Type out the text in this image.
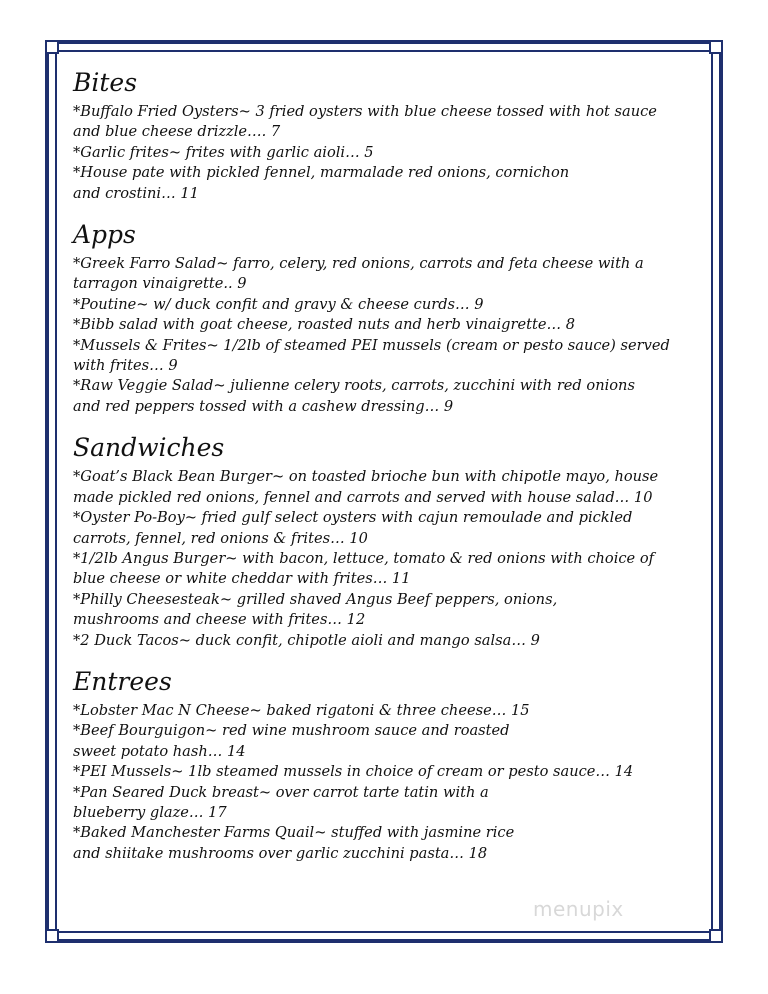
Bites
*Buffalo Fried Oysters~ 3 fried oysters with blue cheese tossed with hot sauce
and blue cheese drizzle…. 7
*Garlic frites~ frites with garlic aioli… 5
*House pate with pickled fennel, marmalade red onions, cornichon
and crostini… 11
Apps
*Greek Farro Salad~ farro, celery, red onions, carrots and feta cheese with a
tarragon vinaigrette.. 9
*Poutine~ w/ duck confit and gravy & cheese curds… 9
*Bibb salad with goat cheese, roasted nuts and herb vinaigrette… 8
*Mussels & Frites~ 1/2lb of steamed PEI mussels (cream or pesto sauce) served
with frites… 9
*Raw Veggie Salad~ julienne celery roots, carrots, zucchini with red onions
and red peppers tossed with a cashew dressing… 9
Sandwiches
*Goat’s Black Bean Burger~ on toasted brioche bun with chipotle mayo, house
made pickled red onions, fennel and carrots and served with house salad… 10
*Oyster Po-Boy~ fried gulf select oysters with cajun remoulade and pickled
carrots, fennel, red onions & frites… 10
*1/2lb Angus Burger~ with bacon, lettuce, tomato & red onions with choice of
blue cheese or white cheddar with frites… 11
*Philly Cheesesteak~ grilled shaved Angus Beef peppers, onions,
mushrooms and cheese with frites… 12
*2 Duck Tacos~ duck confit, chipotle aioli and mango salsa… 9
Entrees
*Lobster Mac N Cheese~ baked rigatoni & three cheese… 15
*Beef Bourguigon~ red wine mushroom sauce and roasted
sweet potato hash… 14
*PEI Mussels~ 1lb steamed mussels in choice of cream or pesto sauce… 14
*Pan Seared Duck breast~ over carrot tarte tatin with a
blueberry glaze… 17
*Baked Manchester Farms Quail~ stuffed with jasmine rice
and shiitake mushrooms over garlic zucchini pasta… 18
menupix
